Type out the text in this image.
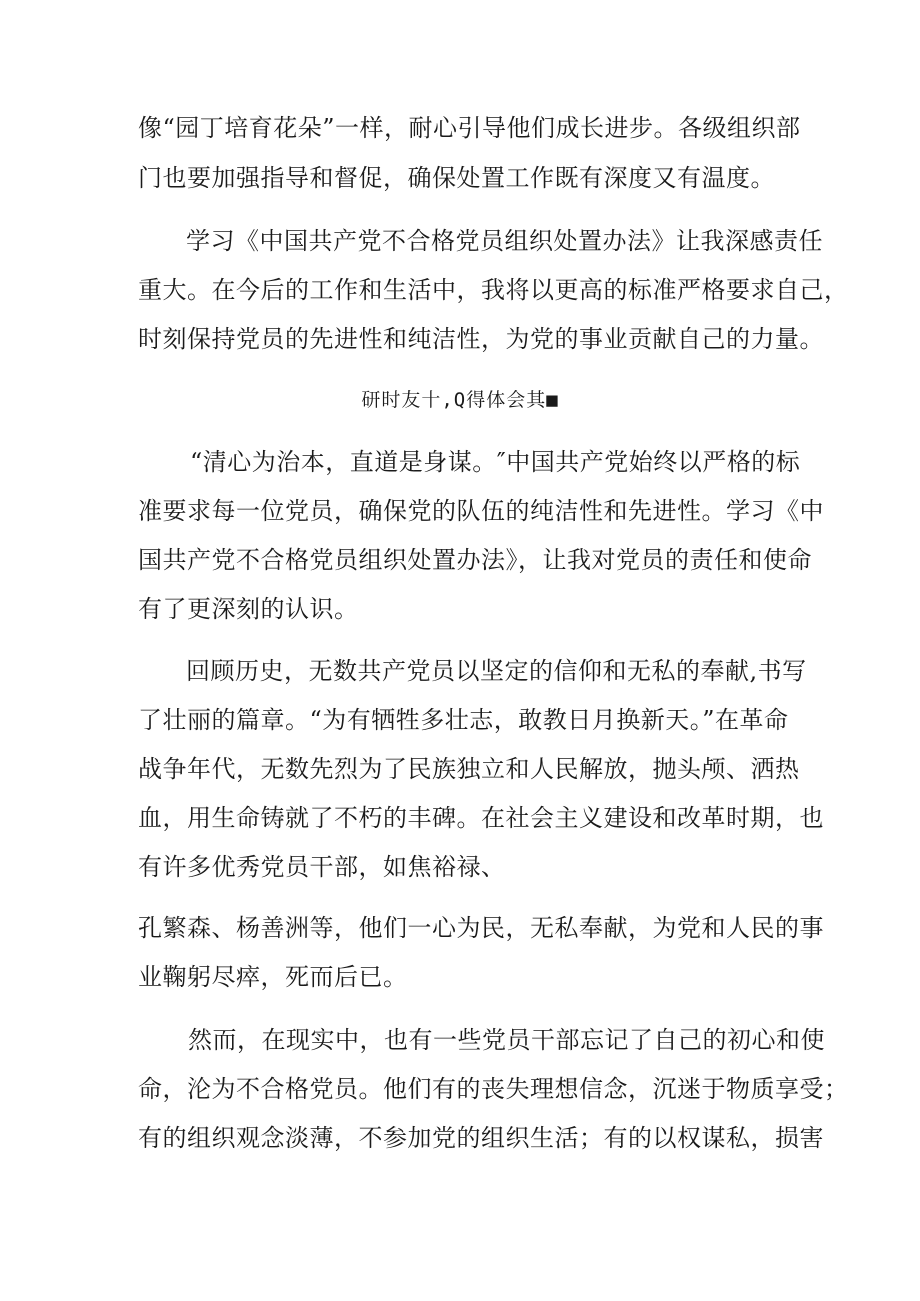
像“园丁培育花朵”一样，耐心引导他们成长进步。各级组织部
门也要加强指导和督促，确保处置工作既有深度又有温度。
学习《中国共产党不合格党员组织处置办法》让我深感责任
重大。在今后的工作和生活中，我将以更高的标准严格要求自己，
时刻保持党员的先进性和纯洁性，为党的事业贡献自己的力量。
研时友十,Q得体会其■
“清心为治本，直道是身谋。″中国共产党始终以严格的标
准要求每一位党员，确保党的队伍的纯洁性和先进性。学习《中
国共产党不合格党员组织处置办法》，让我对党员的责任和使命
有了更深刻的认识。
回顾历史，无数共产党员以坚定的信仰和无私的奉献,书写
了壮丽的篇章。“为有牺牲多壮志，敢教日月换新天。”在革命
战争年代，无数先烈为了民族独立和人民解放，抛头颅、洒热
血，用生命铸就了不朽的丰碑。在社会主义建设和改革时期，也
有许多优秀党员干部，如焦裕禄、
孔繁森、杨善洲等，他们一心为民，无私奉献，为党和人民的事
业鞠躬尽瘁，死而后已。
然而，在现实中，也有一些党员干部忘记了自己的初心和使
命，沦为不合格党员。他们有的丧失理想信念，沉迷于物质享受；
有的组织观念淡薄，不参加党的组织生活；有的以权谋私，损害
